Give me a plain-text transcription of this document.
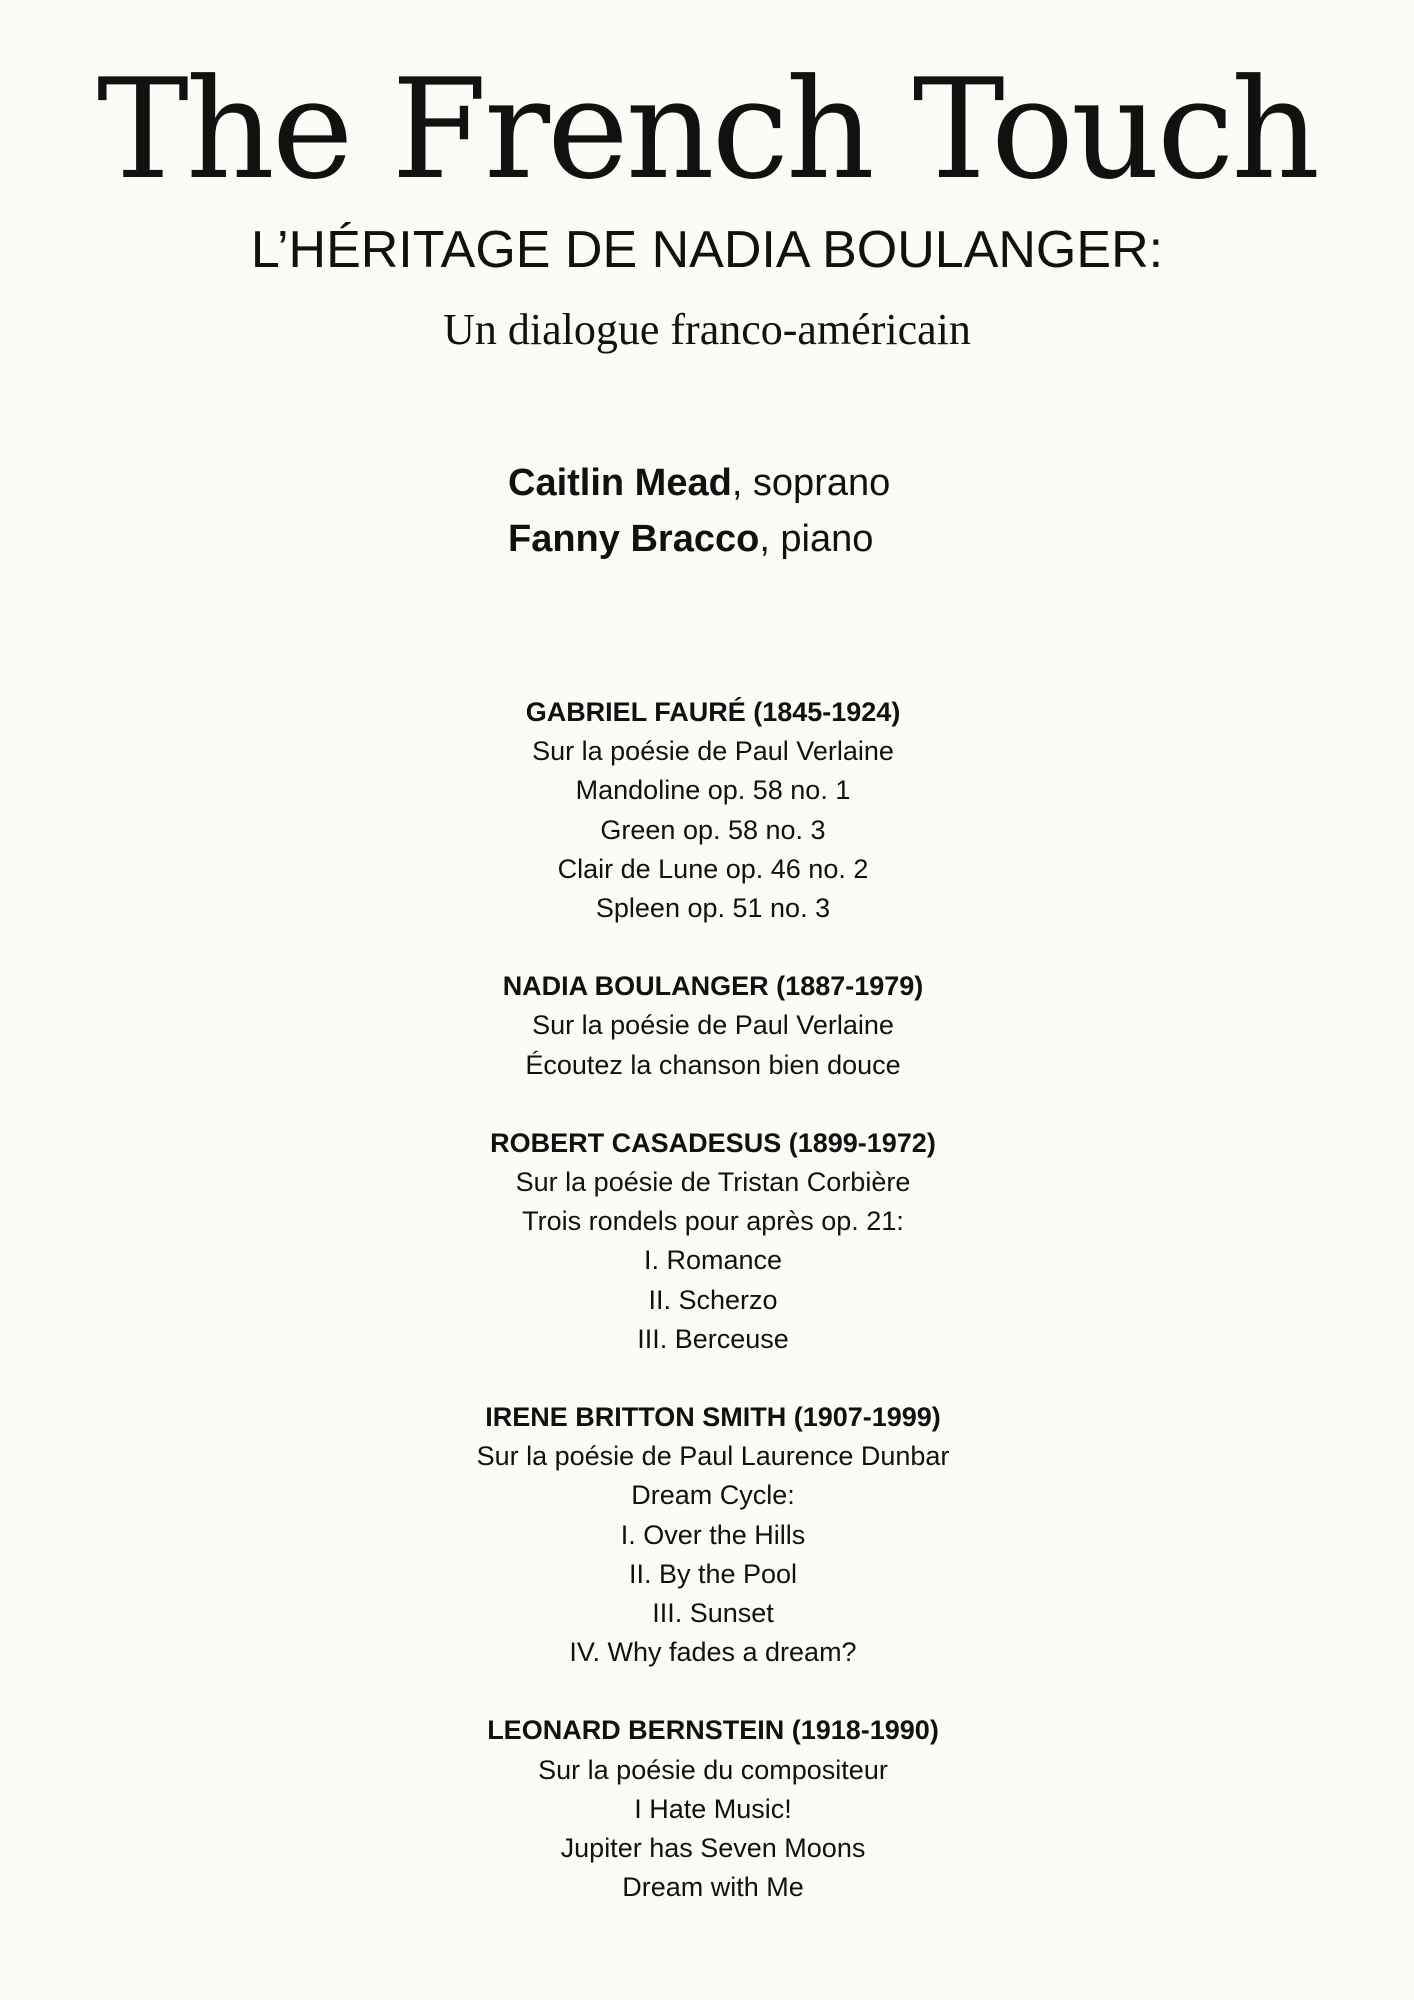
The French Touch
L’HÉRITAGE DE NADIA BOULANGER:
Un dialogue franco-américain
Caitlin Mead, soprano
Fanny Bracco, piano
GABRIEL FAURÉ (1845-1924)
Sur la poésie de Paul Verlaine
Mandoline op. 58 no. 1
Green op. 58 no. 3
Clair de Lune op. 46 no. 2
Spleen op. 51 no. 3
NADIA BOULANGER (1887-1979)
Sur la poésie de Paul Verlaine
Écoutez la chanson bien douce
ROBERT CASADESUS (1899-1972)
Sur la poésie de Tristan Corbière
Trois rondels pour après op. 21:
I. Romance
II. Scherzo
III. Berceuse
IRENE BRITTON SMITH (1907-1999)
Sur la poésie de Paul Laurence Dunbar
Dream Cycle:
I. Over the Hills
II. By the Pool
III. Sunset
IV. Why fades a dream?
LEONARD BERNSTEIN (1918-1990)
Sur la poésie du compositeur
I Hate Music!
Jupiter has Seven Moons
Dream with Me
